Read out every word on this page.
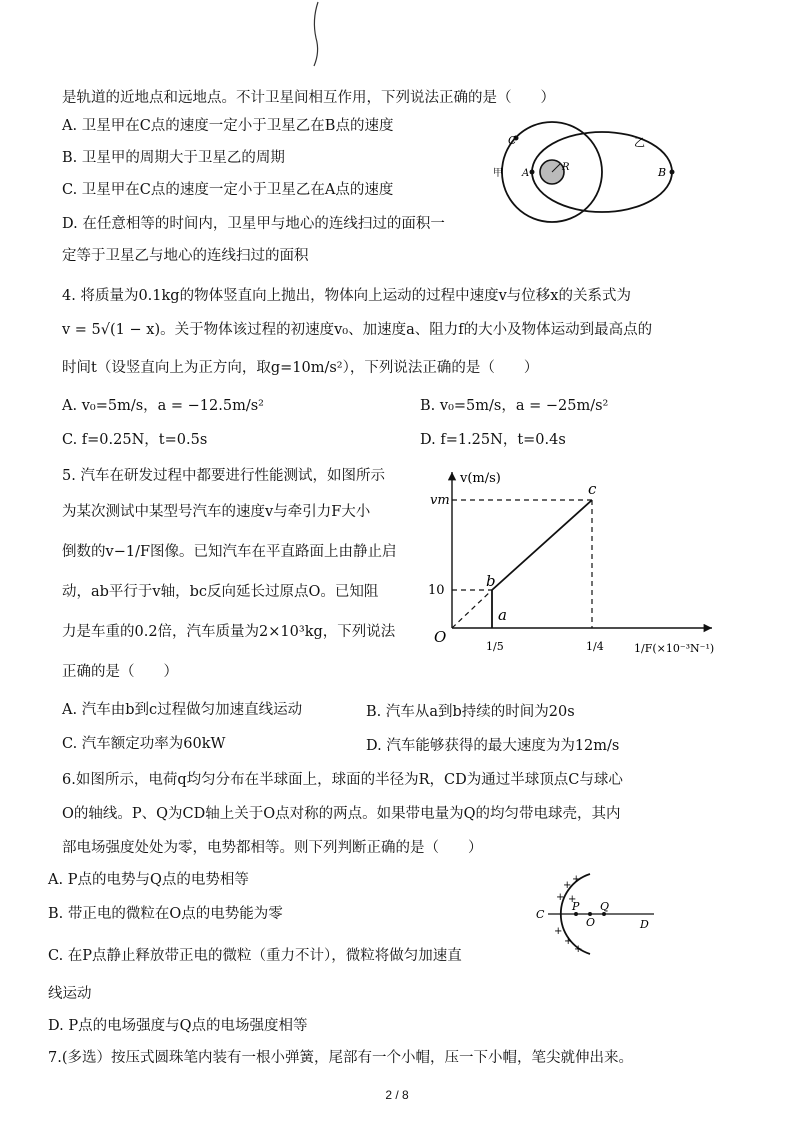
是轨道的近地点和远地点。不计卫星间相互作用，下列说法正确的是（　　）
A. 卫星甲在C点的速度一定小于卫星乙在B点的速度
B. 卫星甲的周期大于卫星乙的周期
C. 卫星甲在C点的速度一定小于卫星乙在A点的速度
D. 在任意相等的时间内，卫星甲与地心的连线扫过的面积一
定等于卫星乙与地心的连线扫过的面积
C	乙
甲 A
R	B
4. 将质量为0.1kg的物体竖直向上抛出，物体向上运动的过程中速度v与位移x的关系式为
v = 5√(1 − x)。关于物体该过程的初速度v₀、加速度a、阻力f的大小及物体运动到最高点的
时间t（设竖直向上为正方向，取g=10m/s²），下列说法正确的是（　　）
A. v₀=5m/s，a = −12.5m/s²	B. v₀=5m/s，a = −25m/s²
C. f=0.25N，t=0.5s	D. f=1.25N，t=0.4s
5. 汽车在研发过程中都要进行性能测试，如图所示
为某次测试中某型号汽车的速度v与牵引力F大小
倒数的v−1/F图像。已知汽车在平直路面上由静止启
动，ab平行于v轴，bc反向延长过原点O。已知阻
力是车重的0.2倍，汽车质量为2×10³kg，下列说法
正确的是（　　）
A. 汽车由b到c过程做匀加速直线运动	B. 汽车从a到b持续的时间为20s
C. 汽车额定功率为60kW	D. 汽车能够获得的最大速度为为12m/s
v(m/s)
vm
10
O
1/5	1/4	1/F(×10⁻³N⁻¹)
a
b
c
6.如图所示，电荷q均匀分布在半球面上，球面的半径为R，CD为通过半球顶点C与球心
O的轴线。P、Q为CD轴上关于O点对称的两点。如果带电量为Q的均匀带电球壳，其内
部电场强度处处为零，电势都相等。则下列判断正确的是（　　）
A. P点的电势与Q点的电势相等
B. 带正电的微粒在O点的电势能为零
C. 在P点静止释放带正电的微粒（重力不计），微粒将做匀加速直
线运动
D. P点的电场强度与Q点的电场强度相等
C
P
O
Q
D
+
+
+ +
+
+
+
7.(多选）按压式圆珠笔内装有一根小弹簧，尾部有一个小帽，压一下小帽，笔尖就伸出来。
2 / 8
